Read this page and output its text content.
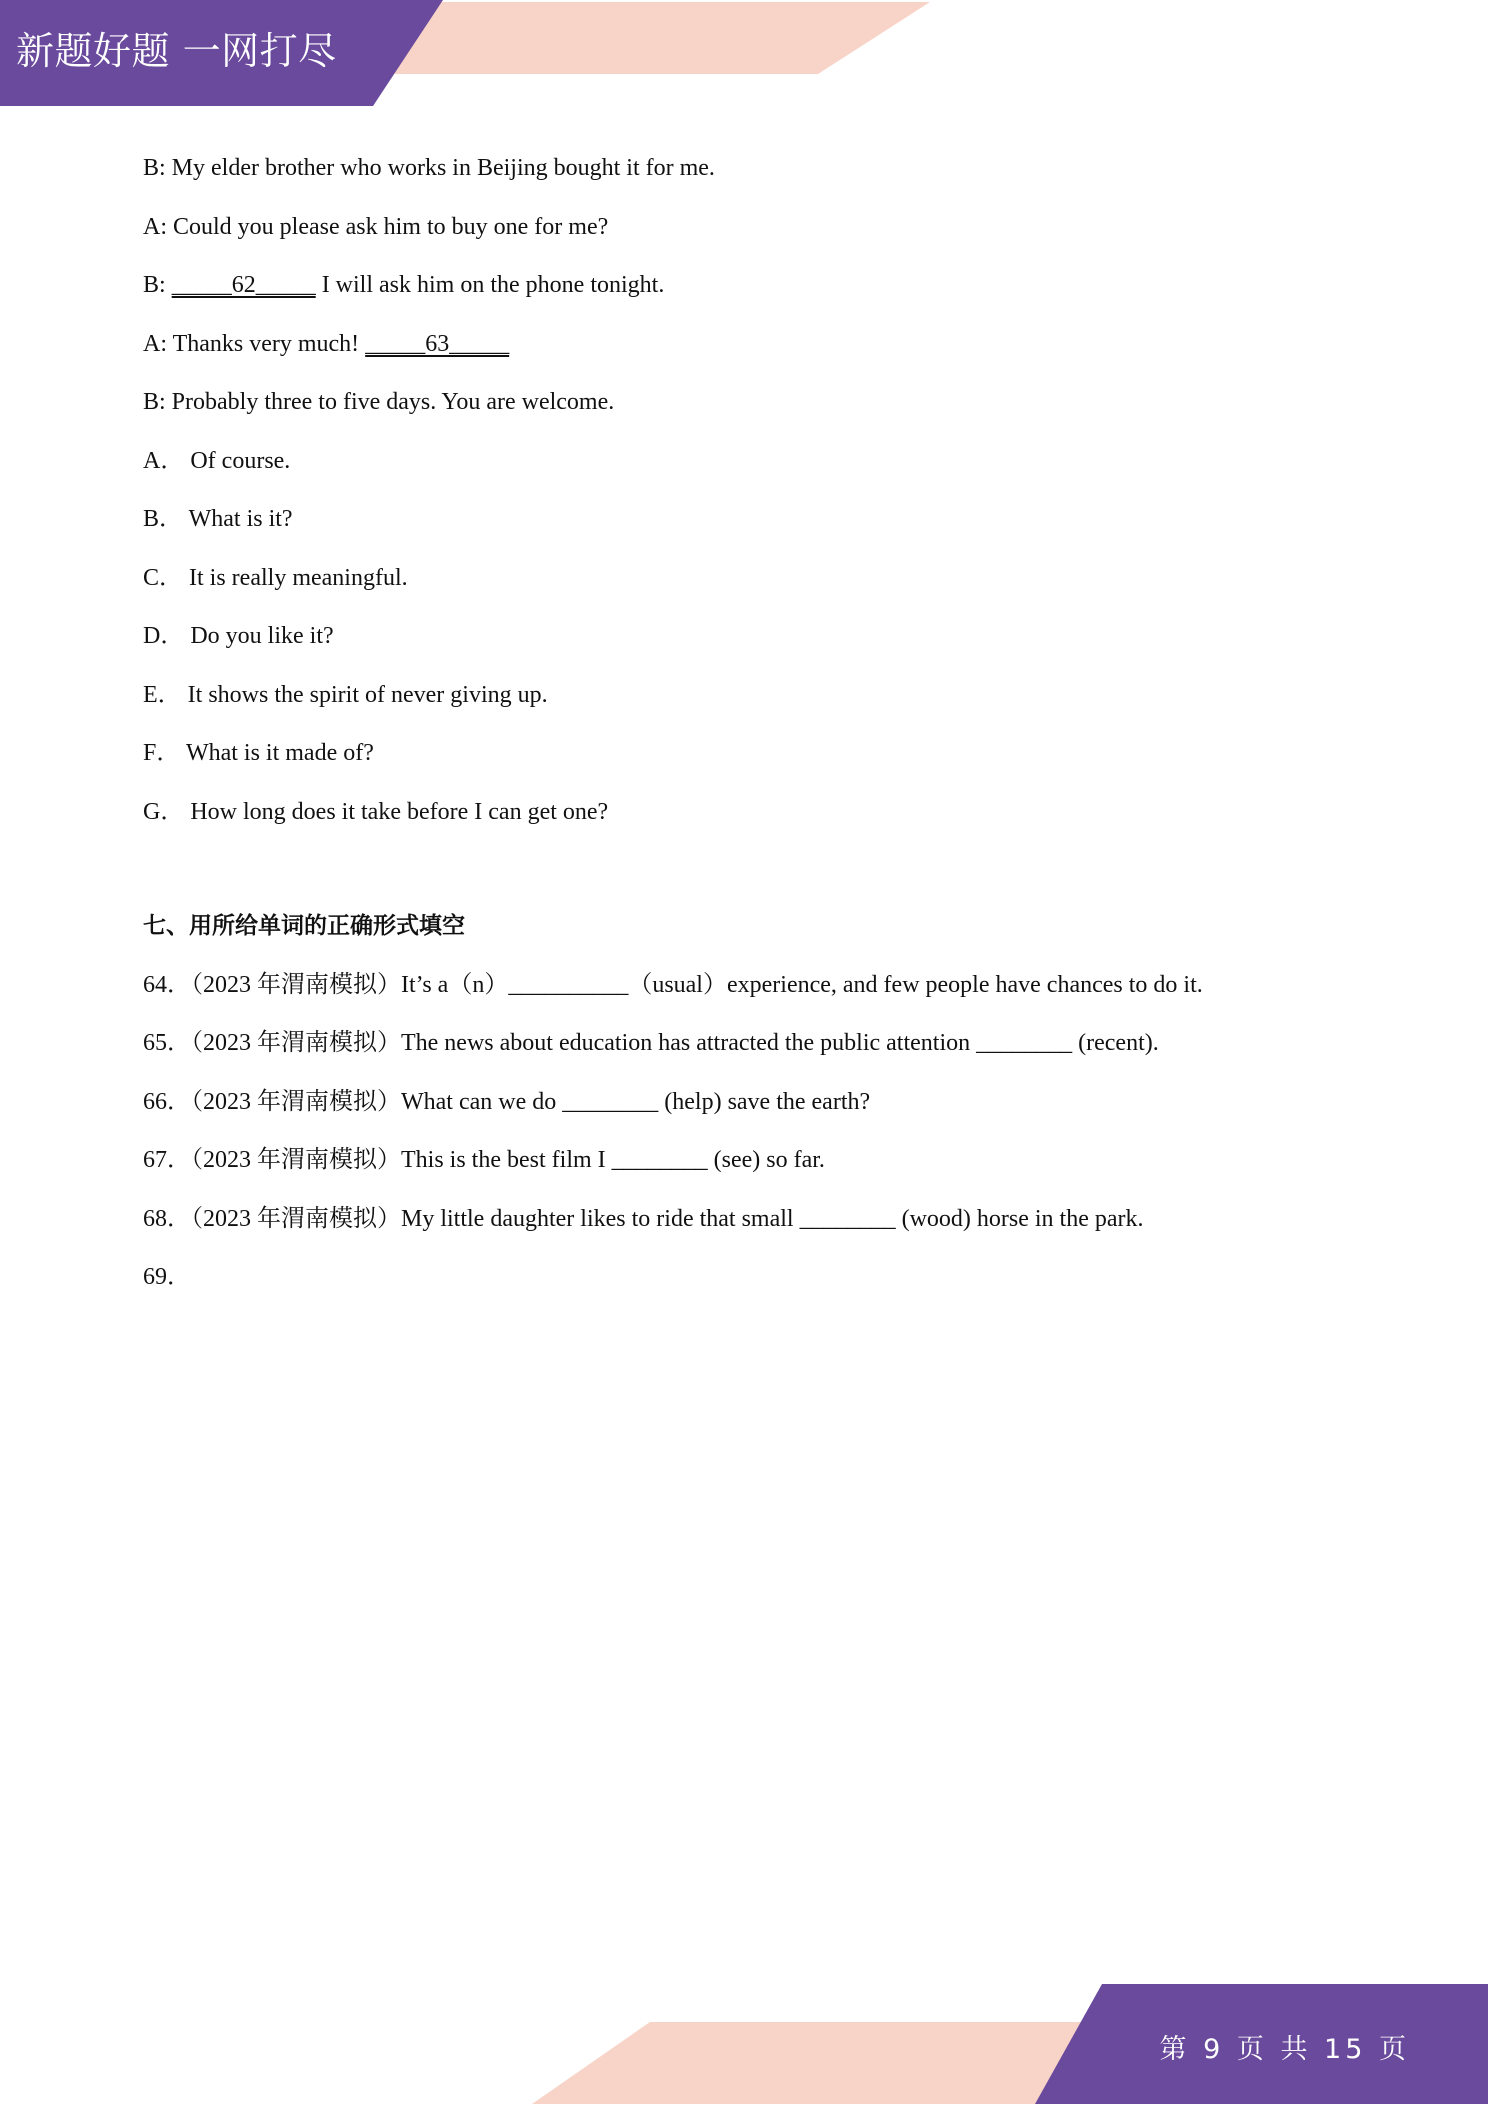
新题好题 一网打尽
B: My elder brother who works in Beijing bought it for me.
A: Could you please ask him to buy one for me?
B: _____62_____ I will ask him on the phone tonight.
A: Thanks very much! _____63_____
B: Probably three to five days. You are welcome.
A． Of course.
B． What is it?
C． It is really meaningful.
D． Do you like it?
E． It shows the spirit of never giving up.
F． What is it made of?
G． How long does it take before I can get one?
七、用所给单词的正确形式填空
64．（2023 年渭南模拟）It’s a（n）__________（usual）experience, and few people have chances to do it.
65．（2023 年渭南模拟）The news about education has attracted the public attention ________ (recent).
66．（2023 年渭南模拟）What can we do ________ (help) save the earth?
67．（2023 年渭南模拟）This is the best film I ________ (see) so far.
68．（2023 年渭南模拟）My little daughter likes to ride that small ________ (wood) horse in the park.
69．
第 9 页 共 15 页
